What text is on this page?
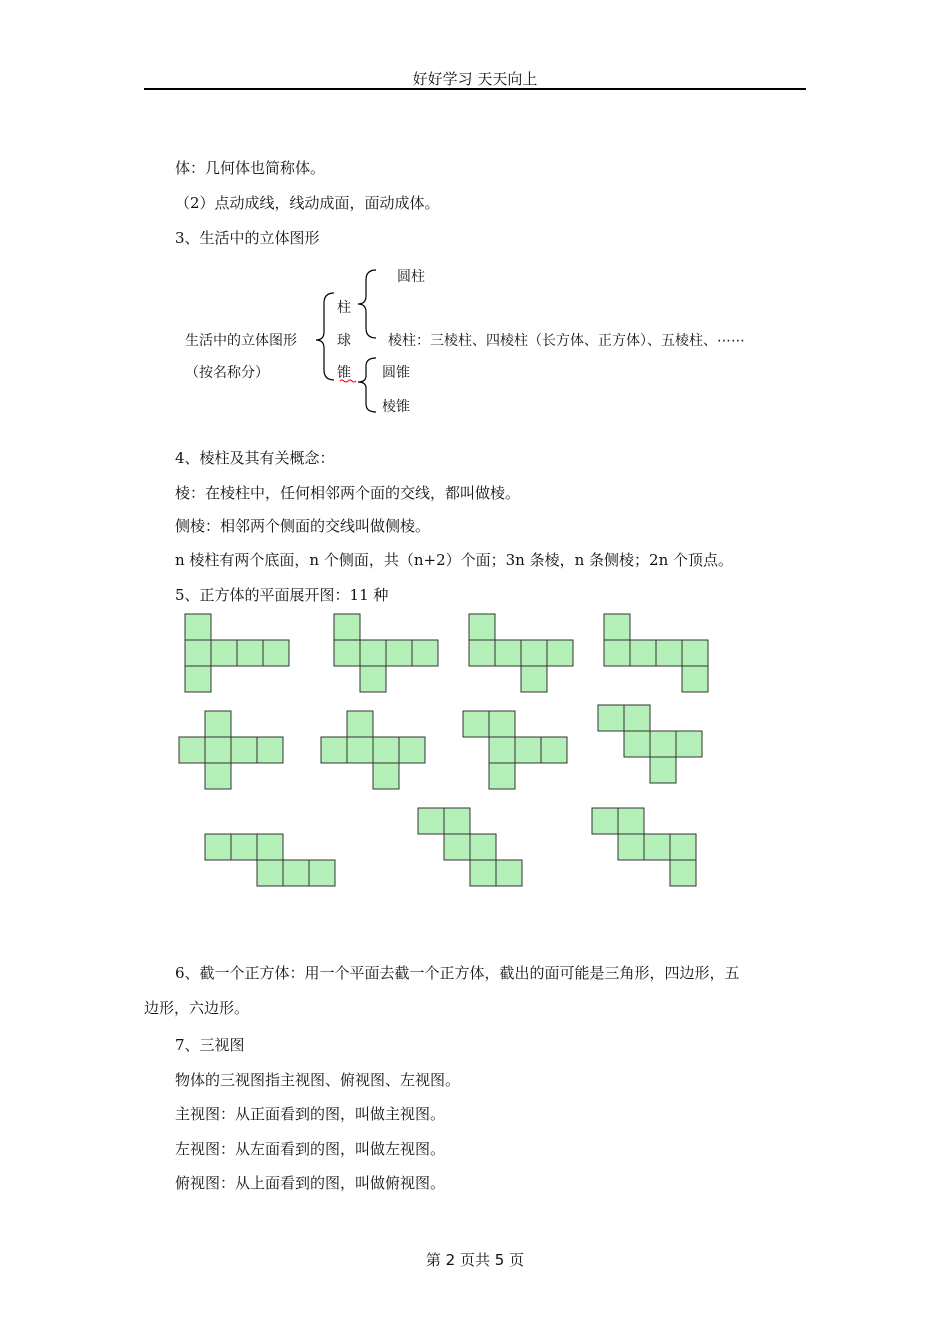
好好学习 天天向上
体：几何体也简称体。
（2）点动成线，线动成面，面动成体。
3、生活中的立体图形
生活中的立体图形
（按名称分）
柱
球
锥
圆柱
棱柱：三棱柱、四棱柱（长方体、正方体）、五棱柱、⋯⋯
圆锥
棱锥
4、棱柱及其有关概念：
棱：在棱柱中，任何相邻两个面的交线，都叫做棱。
侧棱：相邻两个侧面的交线叫做侧棱。
n 棱柱有两个底面，n 个侧面，共（n+2）个面；3n 条棱，n 条侧棱；2n 个顶点。
5、正方体的平面展开图：11 种
6、截一个正方体：用一个平面去截一个正方体，截出的面可能是三角形，四边形，五
边形，六边形。
7、三视图
物体的三视图指主视图、俯视图、左视图。
主视图：从正面看到的图，叫做主视图。
左视图：从左面看到的图，叫做左视图。
俯视图：从上面看到的图，叫做俯视图。
第 2 页共 5 页
